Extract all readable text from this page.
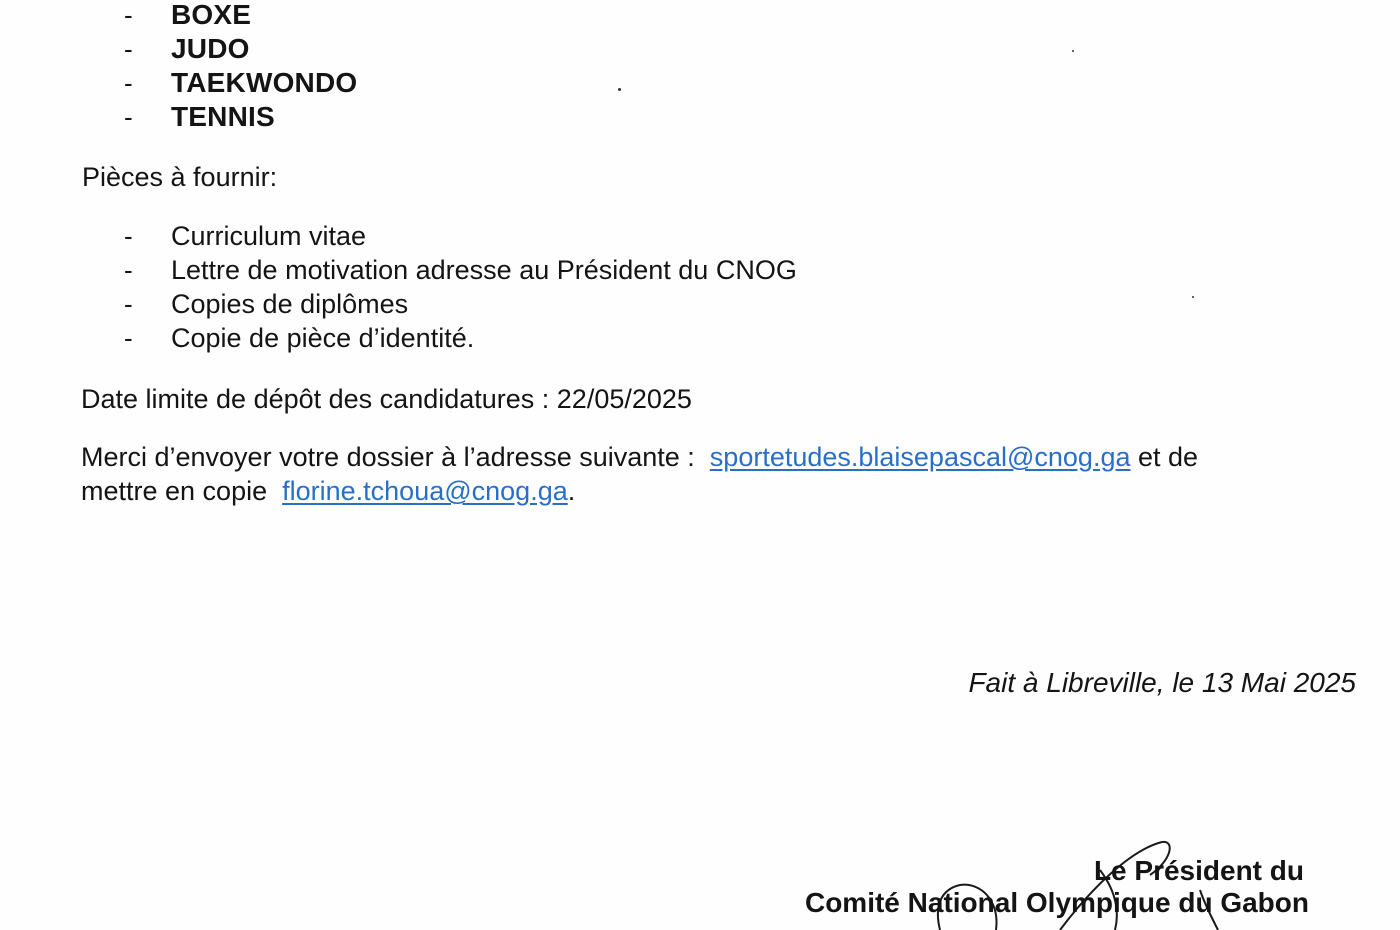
- BOXE
- JUDO
- TAEKWONDO
- TENNIS
Pièces à fournir:
- Curriculum vitae
- Lettre de motivation adresse au Président du CNOG
- Copies de diplômes
- Copie de pièce d’identité.
Date limite de dépôt des candidatures : 22/05/2025
Merci d’envoyer votre dossier à l’adresse suivante : sportetudes.blaisepascal@cnog.ga et de
mettre en copie florine.tchoua@cnog.ga.
Fait à Libreville, le 13 Mai 2025
Le Président du
Comité National Olympique du Gabon
